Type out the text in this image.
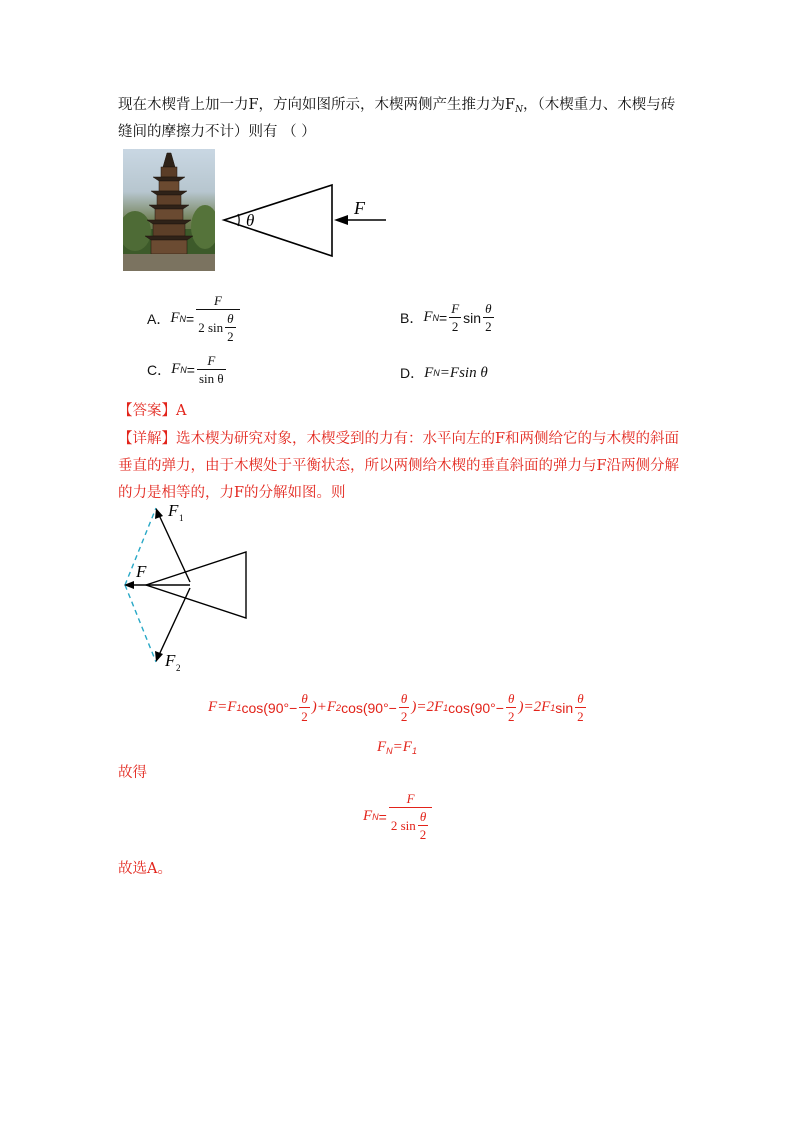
现在木楔背上加一力F，方向如图所示，木楔两侧产生推力为$F_N$，（木楔重力、木楔与砖
缝间的摩擦力不计）则有 （ ）
θ
F
A． F $N = \frac{F}{2 \sin \frac{\theta}{2}}$	B． F $N = \frac{F}{2}$ $\sin \frac{\theta}{2}$
C． F $N = \frac{F}{\text{sin θ}}$	D． F N =Fsin θ
【答案】A
【详解】选木楔为研究对象，木楔受到的力有：水平向左的F和两侧给它的与木楔的斜面
垂直的弹力，由于木楔处于平衡状态，所以两侧给木楔的垂直斜面的弹力与F沿两侧分解
的力是相等的，力F的分解如图。则
F 1
F
F 2
F=F 1 $\cos(90^\circ- \frac{\theta}{2} )+F$ 2 $\cos(90^\circ- \frac{\theta}{2} )=2F$ 1 $\cos(90^\circ- \frac{\theta}{2} )=2F$ 1 $\sin \frac{\theta}{2}$
$F_N=F_1$
故得
F $N = \frac{F}{2 \sin \frac{\theta}{2}}$
故选A。
